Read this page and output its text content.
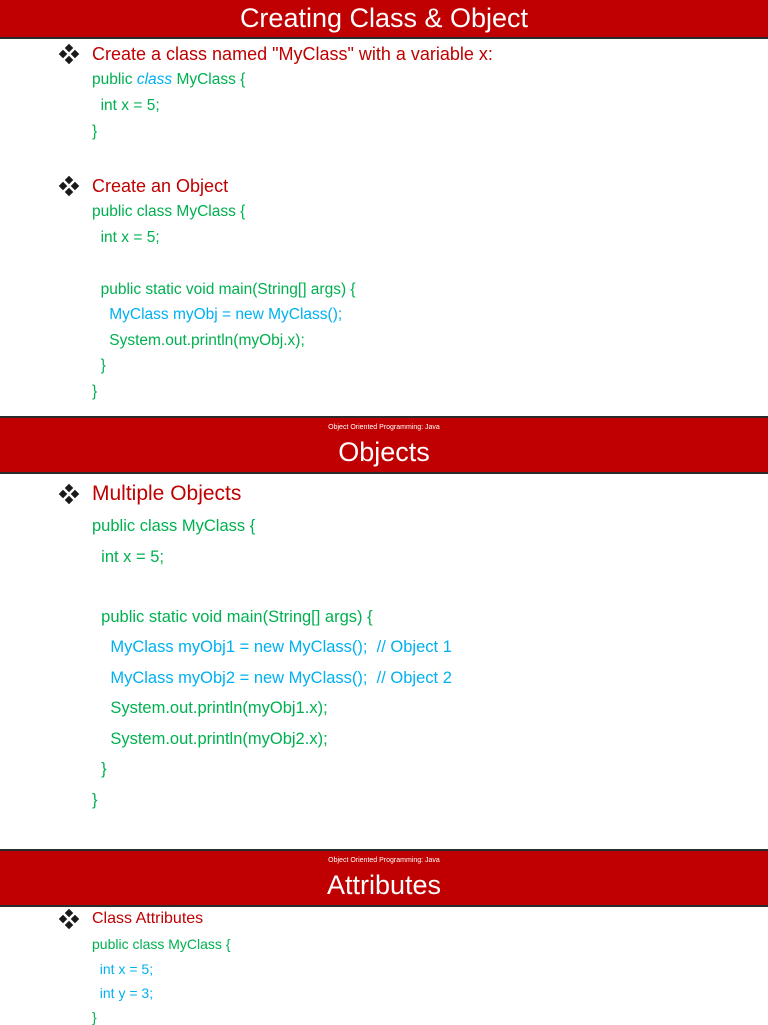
Creating Class & Object
Create a class named "MyClass" with a variable x:
public class MyClass {
int x = 5;
}
Create an Object
public class MyClass {
int x = 5;
public static void main(String[] args) {
MyClass myObj = new MyClass();
System.out.println(myObj.x);
}
}
Object Oriented Programming: Java
Objects
Multiple Objects
public class MyClass {
int x = 5;
public static void main(String[] args) {
MyClass myObj1 = new MyClass();  // Object 1
MyClass myObj2 = new MyClass();  // Object 2
System.out.println(myObj1.x);
System.out.println(myObj2.x);
}
}
Object Oriented Programming: Java
Attributes
Class Attributes
public class MyClass {
int x = 5;
int y = 3;
}
